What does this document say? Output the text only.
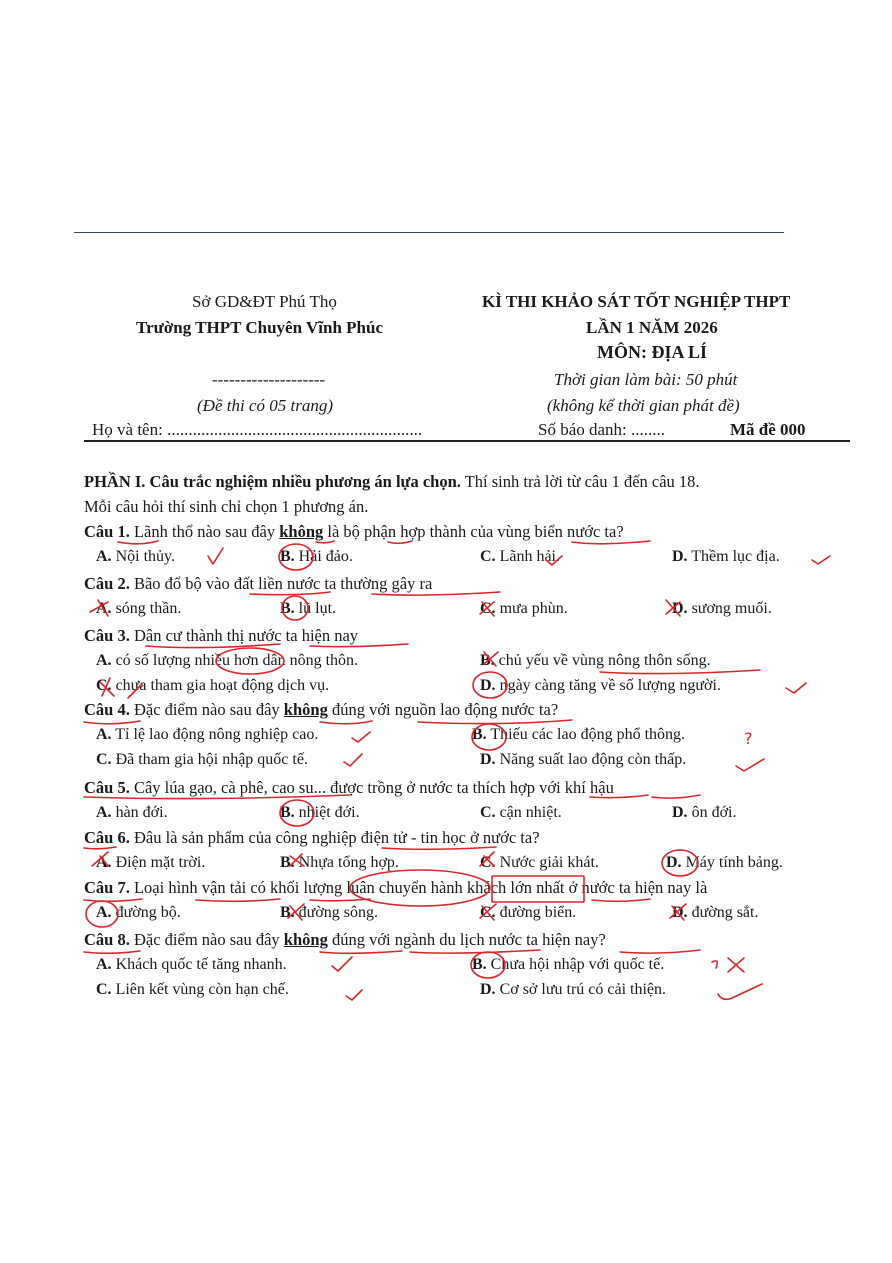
Sở GD&ĐT Phú Thọ
Trường THPT Chuyên Vĩnh Phúc
--------------------
(Đề thi có 05 trang)
KÌ THI KHẢO SÁT TỐT NGHIỆP THPT
LẦN 1 NĂM 2026
MÔN: ĐỊA LÍ
Thời gian làm bài: 50 phút
(không kể thời gian phát đề)
Họ và tên: ............................................................	Số báo danh: ........	Mã đề 000
PHẦN I. Câu trắc nghiệm nhiều phương án lựa chọn. Thí sinh trả lời từ câu 1 đến câu 18.
Mỗi câu hỏi thí sinh chỉ chọn 1 phương án.
Câu 1. Lãnh thổ nào sau đây không là bộ phận hợp thành của vùng biển nước ta?
A. Nội thủy.	B. Hải đảo.	C. Lãnh hải.	D. Thềm lục địa.
Câu 2. Bão đổ bộ vào đất liền nước ta thường gây ra
A. sóng thần.	B. lũ lụt.	C. mưa phùn.	D. sương muối.
Câu 3. Dân cư thành thị nước ta hiện nay
A. có số lượng nhiều hơn dân nông thôn.	B. chủ yếu về vùng nông thôn sống.
C. chưa tham gia hoạt động dịch vụ.	D. ngày càng tăng về số lượng người.
Câu 4. Đặc điểm nào sau đây không đúng với nguồn lao động nước ta?
A. Tỉ lệ lao động nông nghiệp cao.	B. Thiếu các lao động phổ thông.
C. Đã tham gia hội nhập quốc tế.	D. Năng suất lao động còn thấp.
Câu 5. Cây lúa gạo, cà phê, cao su... được trồng ở nước ta thích hợp với khí hậu
A. hàn đới.	B. nhiệt đới.	C. cận nhiệt.	D. ôn đới.
Câu 6. Đâu là sản phẩm của công nghiệp điện tử - tin học ở nước ta?
A. Điện mặt trời.	B. Nhựa tổng hợp.	C. Nước giải khát.	D. Máy tính bảng.
Câu 7. Loại hình vận tải có khối lượng luân chuyển hành khách lớn nhất ở nước ta hiện nay là
A. đường bộ.	B. đường sông.	C. đường biển.	D. đường sắt.
Câu 8. Đặc điểm nào sau đây không đúng với ngành du lịch nước ta hiện nay?
A. Khách quốc tế tăng nhanh.	B. Chưa hội nhập với quốc tế.
C. Liên kết vùng còn hạn chế.	D. Cơ sở lưu trú có cải thiện.
?
